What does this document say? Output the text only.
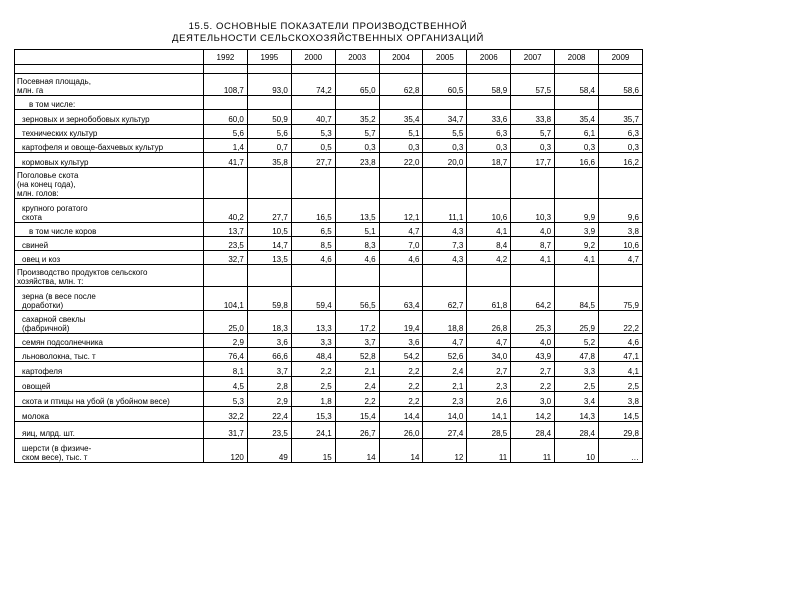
15.5. ОСНОВНЫЕ ПОКАЗАТЕЛИ ПРОИЗВОДСТВЕННОЙ
ДЕЯТЕЛЬНОСТИ СЕЛЬСКОХОЗЯЙСТВЕННЫХ ОРГАНИЗАЦИЙ
	1992	1995	2000	2003	2004	2005	2006	2007	2008	2009

Посевная площадь,
млн. га	108,7	93,0	74,2	65,0	62,8	60,5	58,9	57,5	58,4	58,6
в том числе:										
зерновых и зернобобовых культур	60,0	50,9	40,7	35,2	35,4	34,7	33,6	33,8	35,4	35,7
технических культур	5,6	5,6	5,3	5,7	5,1	5,5	6,3	5,7	6,1	6,3
картофеля и овоще-бахчевых культур	1,4	0,7	0,5	0,3	0,3	0,3	0,3	0,3	0,3	0,3
кормовых культур	41,7	35,8	27,7	23,8	22,0	20,0	18,7	17,7	16,6	16,2
Поголовье скота
(на конец года),
млн. голов:										
крупного рогатого
скота	40,2	27,7	16,5	13,5	12,1	11,1	10,6	10,3	9,9	9,6
в том числе коров	13,7	10,5	6,5	5,1	4,7	4,3	4,1	4,0	3,9	3,8
свиней	23,5	14,7	8,5	8,3	7,0	7,3	8,4	8,7	9,2	10,6
овец и коз	32,7	13,5	4,6	4,6	4,6	4,3	4,2	4,1	4,1	4,7
Производство продуктов сельского
хозяйства, млн. т:										
зерна (в весе после
доработки)	104,1	59,8	59,4	56,5	63,4	62,7	61,8	64,2	84,5	75,9
сахарной свеклы
(фабричной)	25,0	18,3	13,3	17,2	19,4	18,8	26,8	25,3	25,9	22,2
семян подсолнечника	2,9	3,6	3,3	3,7	3,6	4,7	4,7	4,0	5,2	4,6
льноволокна, тыс. т	76,4	66,6	48,4	52,8	54,2	52,6	34,0	43,9	47,8	47,1
картофеля	8,1	3,7	2,2	2,1	2,2	2,4	2,7	2,7	3,3	4,1
овощей	4,5	2,8	2,5	2,4	2,2	2,1	2,3	2,2	2,5	2,5
скота и птицы на убой (в убойном весе)	5,3	2,9	1,8	2,2	2,2	2,3	2,6	3,0	3,4	3,8
молока	32,2	22,4	15,3	15,4	14,4	14,0	14,1	14,2	14,3	14,5
яиц, млрд. шт.	31,7	23,5	24,1	26,7	26,0	27,4	28,5	28,4	28,4	29,8
шерсти (в физиче-
ском весе), тыс. т	120	49	15	14	14	12	11	11	10	…
